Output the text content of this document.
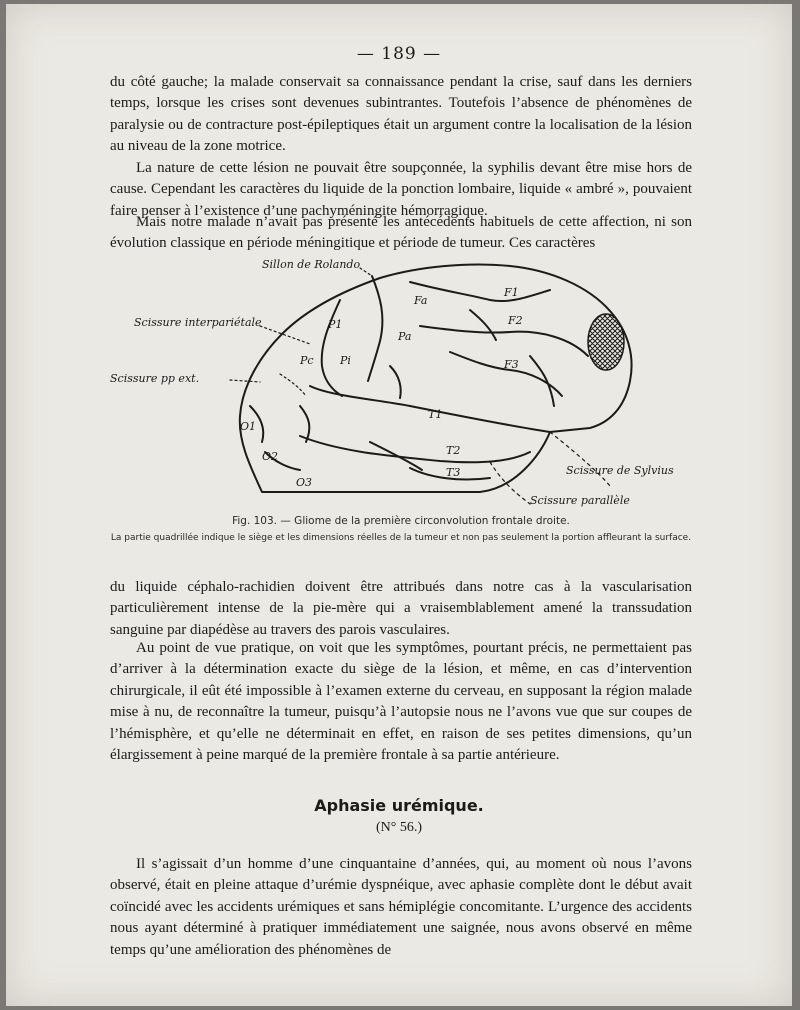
— 189 —

du côté gauche; la malade conservait sa connaissance pendant la crise, sauf dans les derniers temps, lorsque les crises sont devenues subintrantes. Toutefois l’absence de phénomènes de paralysie ou de contracture post-épileptiques était un argument contre la localisation de la lésion au niveau de la zone motrice.

La nature de cette lésion ne pouvait être soupçonnée, la syphilis devant être mise hors de cause. Cependant les caractères du liquide de la ponction lombaire, liquide « ambré », pouvaient faire penser à l’existence d’une pachyméningite hémorragique.

Mais notre malade n’avait pas présenté les antécédents habituels de cette affection, ni son évolution classique en période méningitique et période de tumeur. Ces caractères

Sillon de Rolando
Scissure interpariétale
Scissure pp ext.
Scissure de Sylvius
Scissure parallèle
F1
F2
F3
Fa
P1
Pa
Pc Pi
T1
T2
T3
O1
O2
O3

Fig. 103. — Gliome de la première circonvolution frontale droite.

La partie quadrillée indique le siège et les dimensions réelles de la tumeur et non pas seulement la portion affleurant la surface.

du liquide céphalo-rachidien doivent être attribués dans notre cas à la vascularisation particulièrement intense de la pie-mère qui a vraisemblablement amené la transsudation sanguine par diapédèse au travers des parois vasculaires.

Au point de vue pratique, on voit que les symptômes, pourtant précis, ne permettaient pas d’arriver à la détermination exacte du siège de la lésion, et même, en cas d’intervention chirurgicale, il eût été impossible à l’examen externe du cerveau, en supposant la région malade mise à nu, de reconnaître la tumeur, puisqu’à l’autopsie nous ne l’avons vue que sur coupes de l’hémisphère, et qu’elle ne déterminait en effet, en raison de ses petites dimensions, qu’un élargissement à peine marqué de la première frontale à sa partie antérieure.

Aphasie urémique.

(N° 56.)

Il s’agissait d’un homme d’une cinquantaine d’années, qui, au moment où nous l’avons observé, était en pleine attaque d’urémie dyspnéique, avec aphasie complète dont le début avait coïncidé avec les accidents urémiques et sans hémiplégie concomitante. L’urgence des accidents nous ayant déterminé à pratiquer immédiatement une saignée, nous avons observé en même temps qu’une amélioration des phénomènes de
